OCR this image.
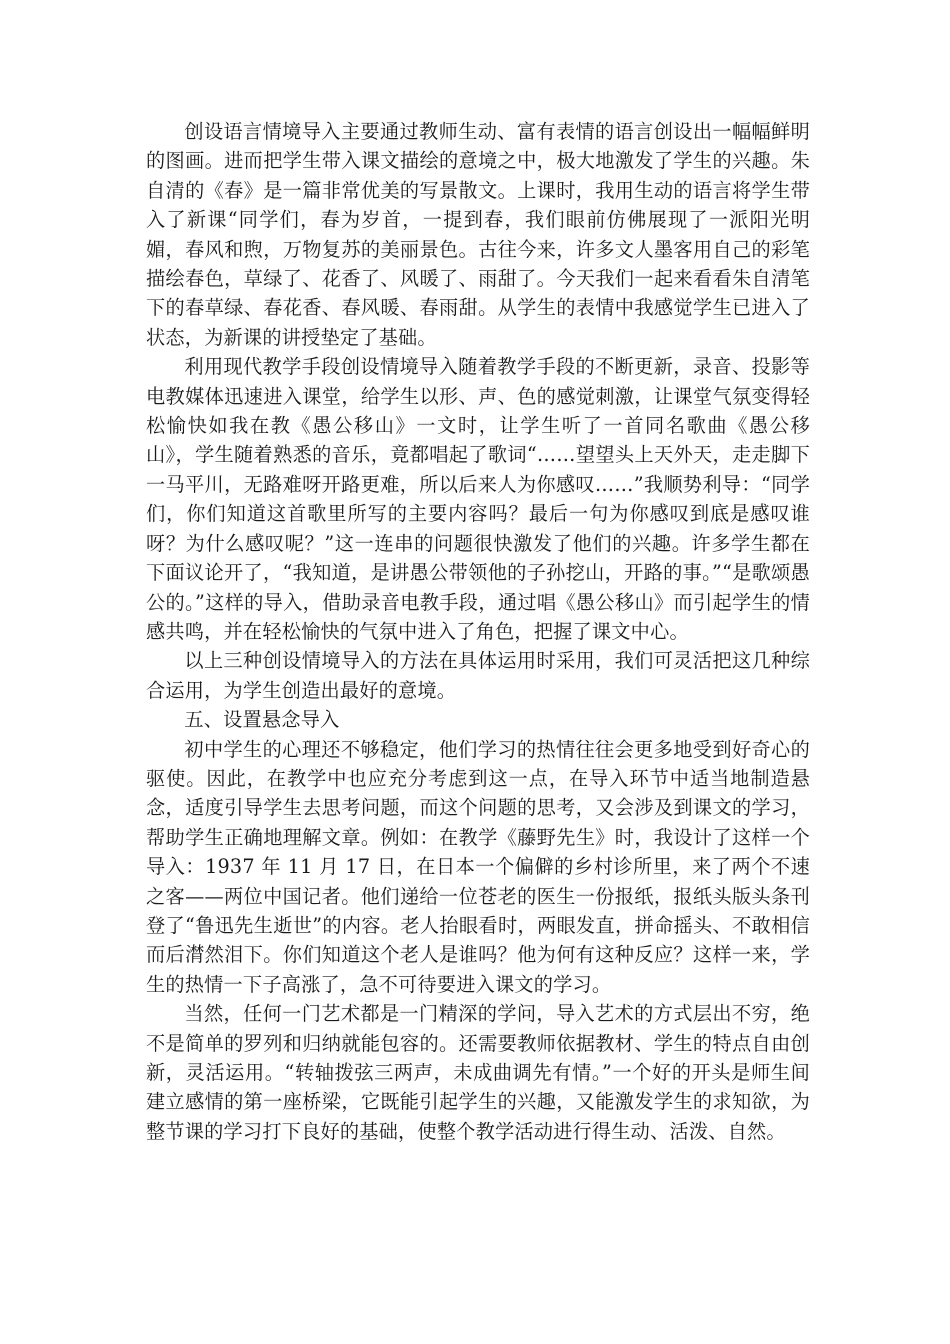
创设语言情境导入主要通过教师生动、富有表情的语言创设出一幅幅鲜明的图画。进而把学生带入课文描绘的意境之中，极大地激发了学生的兴趣。朱自清的《春》是一篇非常优美的写景散文。上课时，我用生动的语言将学生带入了新课“同学们，春为岁首，一提到春，我们眼前仿佛展现了一派阳光明媚，春风和煦，万物复苏的美丽景色。古往今来，许多文人墨客用自己的彩笔描绘春色，草绿了、花香了、风暖了、雨甜了。今天我们一起来看看朱自清笔下的春草绿、春花香、春风暖、春雨甜。从学生的表情中我感觉学生已进入了状态，为新课的讲授垫定了基础。

利用现代教学手段创设情境导入随着教学手段的不断更新，录音、投影等电教媒体迅速进入课堂，给学生以形、声、色的感觉刺激，让课堂气氛变得轻松愉快如我在教《愚公移山》一文时，让学生听了一首同名歌曲《愚公移山》，学生随着熟悉的音乐，竟都唱起了歌词“……望望头上天外天，走走脚下一马平川，无路难呀开路更难，所以后来人为你感叹……”我顺势利导：“同学们，你们知道这首歌里所写的主要内容吗？最后一句为你感叹到底是感叹谁呀？为什么感叹呢？”这一连串的问题很快激发了他们的兴趣。许多学生都在下面议论开了，“我知道，是讲愚公带领他的子孙挖山，开路的事。”“是歌颂愚公的。”这样的导入，借助录音电教手段，通过唱《愚公移山》而引起学生的情感共鸣，并在轻松愉快的气氛中进入了角色，把握了课文中心。

以上三种创设情境导入的方法在具体运用时采用，我们可灵活把这几种综合运用，为学生创造出最好的意境。

五、设置悬念导入

初中学生的心理还不够稳定，他们学习的热情往往会更多地受到好奇心的驱使。因此，在教学中也应充分考虑到这一点，在导入环节中适当地制造悬念，适度引导学生去思考问题，而这个问题的思考，又会涉及到课文的学习，帮助学生正确地理解文章。例如：在教学《藤野先生》时，我设计了这样一个导入：1937 年 11 月 17 日，在日本一个偏僻的乡村诊所里，来了两个不速之客——两位中国记者。他们递给一位苍老的医生一份报纸，报纸头版头条刊登了“鲁迅先生逝世”的内容。老人抬眼看时，两眼发直，拼命摇头、不敢相信而后潸然泪下。你们知道这个老人是谁吗？他为何有这种反应？这样一来，学生的热情一下子高涨了，急不可待要进入课文的学习。

当然，任何一门艺术都是一门精深的学问，导入艺术的方式层出不穷，绝不是简单的罗列和归纳就能包容的。还需要教师依据教材、学生的特点自由创新，灵活运用。“转轴拨弦三两声，未成曲调先有情。”一个好的开头是师生间建立感情的第一座桥梁，它既能引起学生的兴趣，又能激发学生的求知欲，为整节课的学习打下良好的基础，使整个教学活动进行得生动、活泼、自然。
